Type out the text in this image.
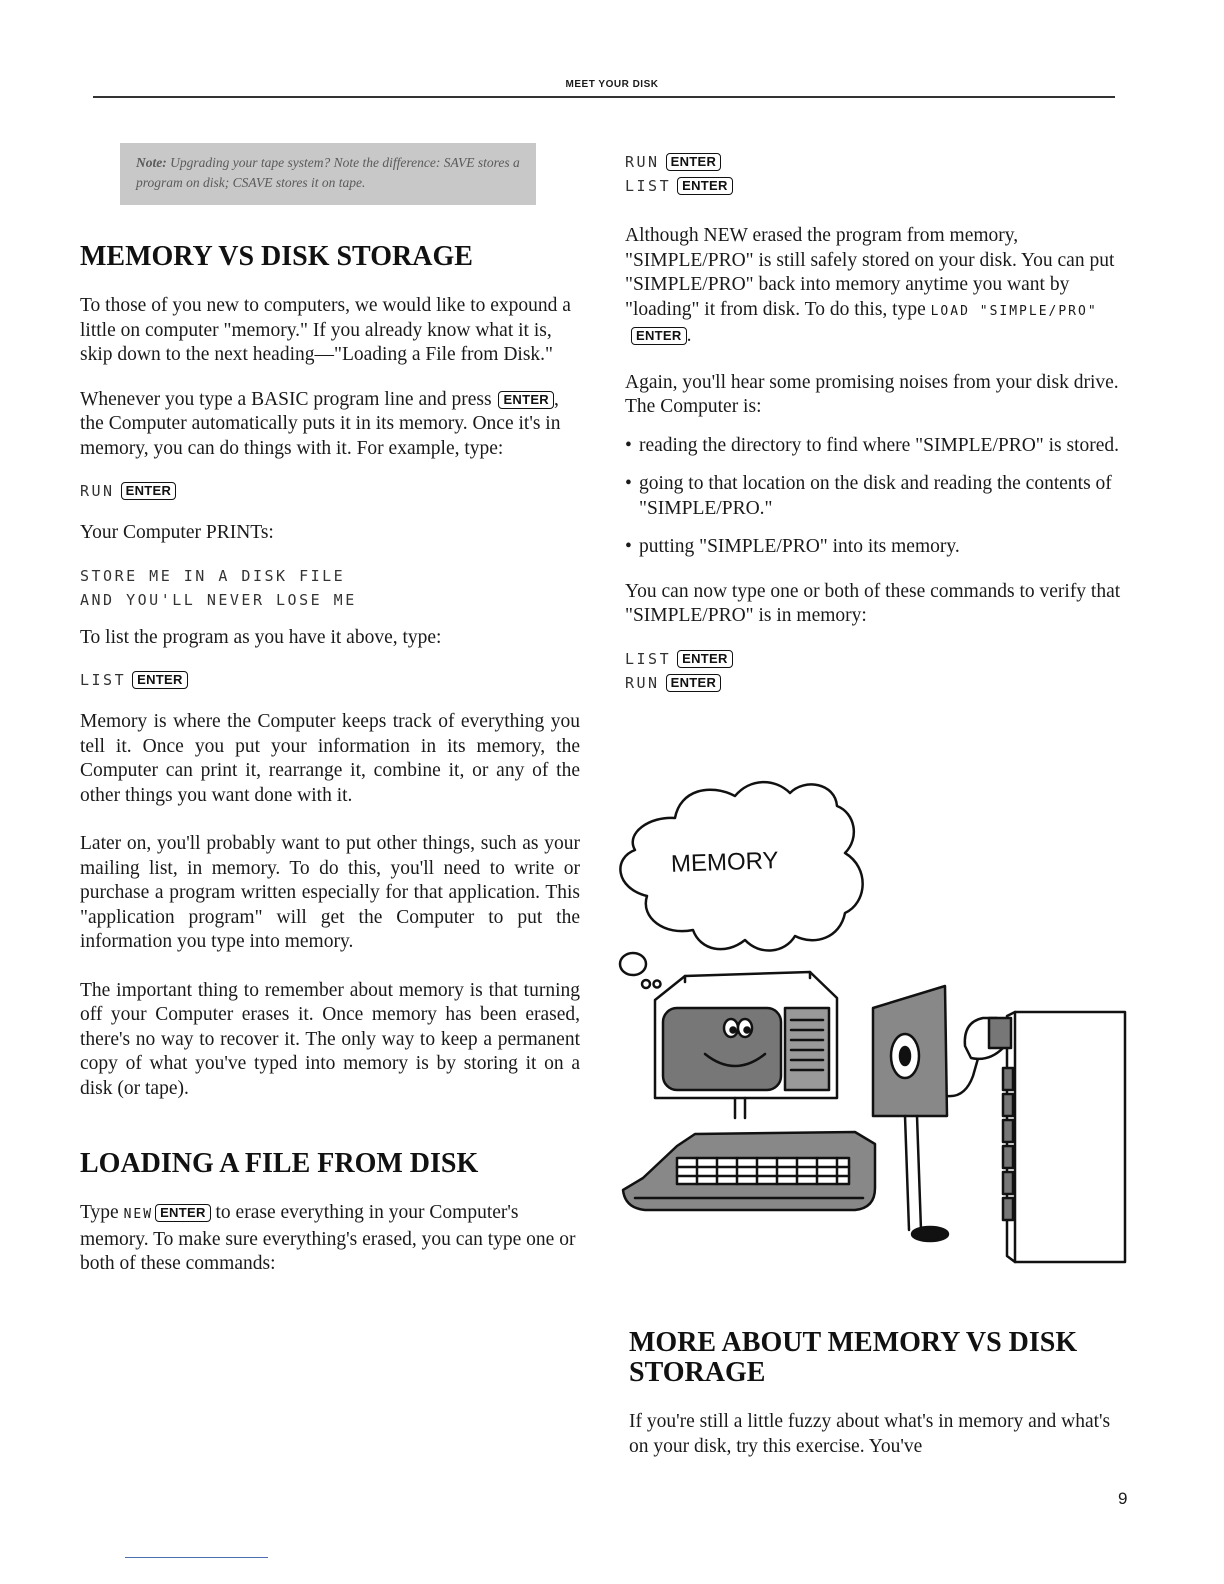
MEET YOUR DISK
Note: Upgrading your tape system? Note the difference: SAVE stores a program on disk; CSAVE stores it on tape.
MEMORY VS DISK STORAGE

To those of you new to computers, we would like to expound a little on computer "memory." If you already know what it is, skip down to the next heading—"Loading a File from Disk."

Whenever you type a BASIC program line and press ENTER , the Computer automatically puts it in its memory. Once it's in memory, you can do things with it. For example, type:

RUN ENTER

Your Computer PRINTs:

STORE ME IN A DISK FILE

AND YOU'LL NEVER LOSE ME

To list the program as you have it above, type:

LIST ENTER

Memory is where the Computer keeps track of everything you tell it. Once you put your information in its memory, the Computer can print it, rearrange it, combine it, or any of the other things you want done with it.

Later on, you'll probably want to put other things, such as your mailing list, in memory. To do this, you'll need to write or purchase a program written especially for that application. This "application program" will get the Computer to put the information you type into memory.

The important thing to remember about memory is that turning off your Computer erases it. Once memory has been erased, there's no way to recover it. The only way to keep a permanent copy of what you've typed into memory is by storing it on a disk (or tape).

LOADING A FILE FROM DISK

Type NEW ENTER to erase everything in your Computer's memory. To make sure everything's erased, you can type one or both of these commands:

RUN ENTER

LIST ENTER

Although NEW erased the program from memory, "SIMPLE/PRO" is still safely stored on your disk. You can put "SIMPLE/PRO" back into memory anytime you want by "loading" it from disk. To do this, type LOAD "SIMPLE/PRO"ENTER .

Again, you'll hear some promising noises from your disk drive. The Computer is:

• reading the directory to find where "SIMPLE/PRO" is stored.
• going to that location on the disk and reading the contents of "SIMPLE/PRO."
• putting "SIMPLE/PRO" into its memory.

You can now type one or both of these commands to verify that "SIMPLE/PRO" is in memory:

LIST ENTER

RUN ENTER

MEMORY
MORE ABOUT MEMORY VS DISK STORAGE

If you're still a little fuzzy about what's in memory and what's on your disk, try this exercise. You've

9
